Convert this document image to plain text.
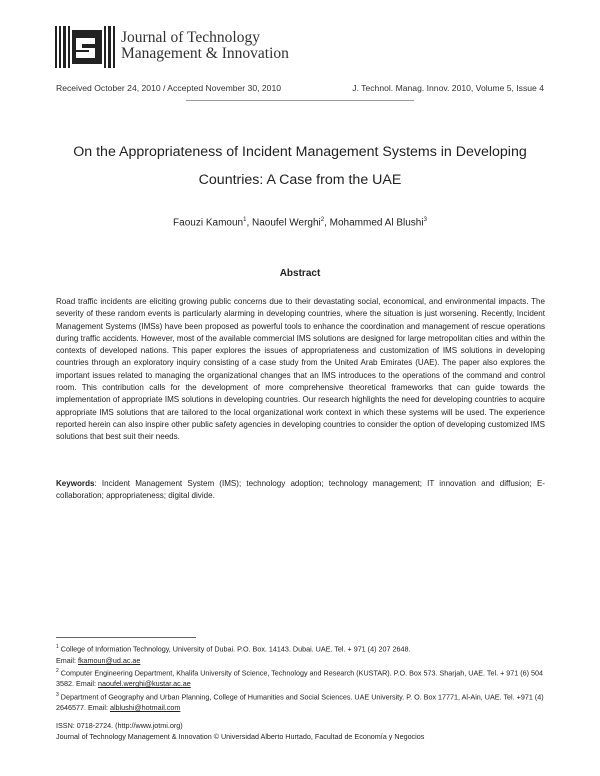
Journal of Technology
Management & Innovation
Received October 24, 2010 / Accepted November 30, 2010	J. Technol. Manag. Innov. 2010, Volume 5, Issue 4
On the Appropriateness of Incident Management Systems in Developing
Countries: A Case from the UAE
Faouzi Kamoun$^1$, Naoufel Werghi$^2$, Mohammed Al Blushi$^3$
Abstract
Road traffic incidents are eliciting growing public concerns due to their devastating social, economical, and environmental impacts. The severity of these random events is particularly alarming in developing countries, where the situation is just worsening. Recently, Incident Management Systems (IMSs) have been proposed as powerful tools to enhance the coordination and management of rescue operations during traffic accidents. However, most of the available commercial IMS solutions are designed for large metropolitan cities and within the contexts of developed nations. This paper explores the issues of appropriateness and customization of IMS solutions in developing countries through an exploratory inquiry consisting of a case study from the United Arab Emirates (UAE). The paper also explores the important issues related to managing the organizational changes that an IMS introduces to the operations of the command and control room. This contribution calls for the development of more comprehensive theoretical frameworks that can guide towards the implementation of appropriate IMS solutions in developing countries. Our research highlights the need for developing countries to acquire appropriate IMS solutions that are tailored to the local organizational work context in which these systems will be used. The experience reported herein can also inspire other public safety agencies in developing countries to consider the option of developing customized IMS solutions that best suit their needs.
Keywords: Incident Management System (IMS); technology adoption; technology management; IT innovation and diffusion; E-collaboration; appropriateness; digital divide.

$^1$ College of Information Technology, University of Dubai. P.O. Box. 14143. Dubai. UAE. Tel. + 971 (4) 207 2648.
Email: fkamoun@ud.ac.ae

$^2$ Computer Engineering Department, Khalifa University of Science, Technology and Research (KUSTAR). P.O. Box 573. Sharjah, UAE. Tel. + 971 (6) 504 3582. Email: naoufel.werghi@kustar.ac.ae

$^3$ Department of Geography and Urban Planning, College of Humanities and Social Sciences. UAE University. P. O. Box 17771, Al-Ain, UAE. Tel. +971 (4) 2646577. Email: alblushi@hotmail.com

ISSN: 0718-2724. (http://www.jotmi.org)
Journal of Technology Management & Innovation © Universidad Alberto Hurtado, Facultad de Economía y Negocios
